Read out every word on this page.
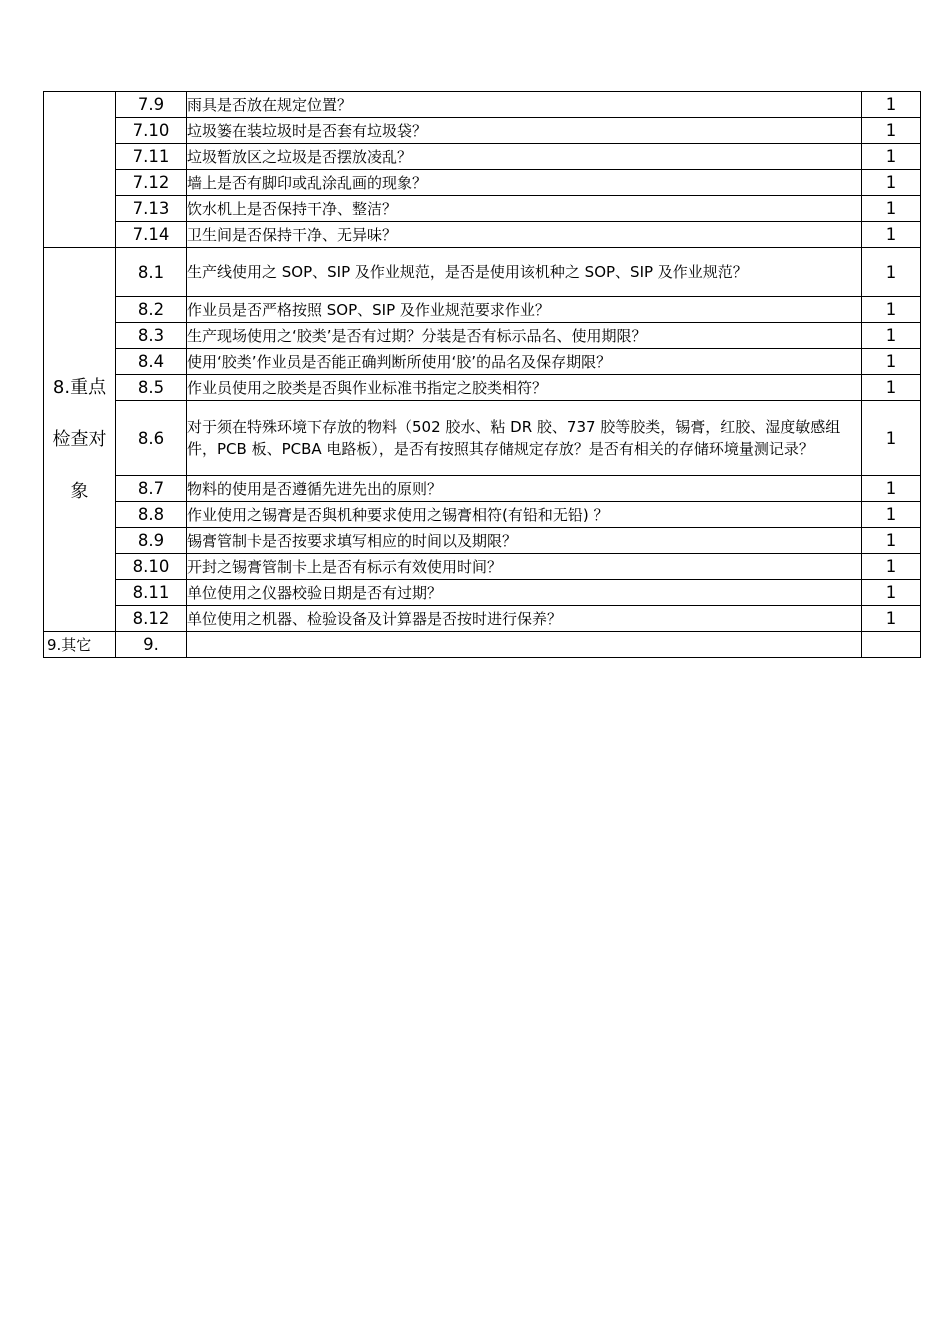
	7.9	雨具是否放在规定位置？	1
	7.10	垃圾篓在装垃圾时是否套有垃圾袋？	1
	7.11	垃圾暂放区之垃圾是否摆放凌乱？	1
	7.12	墙上是否有脚印或乱涂乱画的现象？	1
	7.13	饮水机上是否保持干净、整洁？	1
	7.14	卫生间是否保持干净、无异味？	1
8.重点检查对象	8.1	生产线使用之 SOP、SIP 及作业规范，是否是使用该机种之 SOP、SIP 及作业规范？	1
	8.2	作业员是否严格按照 SOP、SIP 及作业规范要求作业？	1
	8.3	生产现场使用之‘胶类’是否有过期？分装是否有标示品名、使用期限？	1
	8.4	使用‘胶类’作业员是否能正确判断所使用‘胶’的品名及保存期限？	1
	8.5	作业员使用之胶类是否與作业标准书指定之胶类相符？	1
	8.6	对于须在特殊环境下存放的物料（502 胶水、粘 DR 胶、737 胶等胶类，锡膏，红胶、湿度敏感组件，PCB 板、PCBA 电路板），是否有按照其存储规定存放？是否有相关的存储环境量测记录？	1
	8.7	物料的使用是否遵循先进先出的原则？	1
	8.8	作业使用之锡膏是否與机种要求使用之锡膏相符(有铅和无铅) ？	1
	8.9	锡膏管制卡是否按要求填写相应的时间以及期限？	1
	8.10	开封之锡膏管制卡上是否有标示有效使用时间？	1
	8.11	单位使用之仪器校验日期是否有过期？	1
	8.12	单位使用之机器、检验设备及计算器是否按时进行保养？	1
9.其它	9.		
